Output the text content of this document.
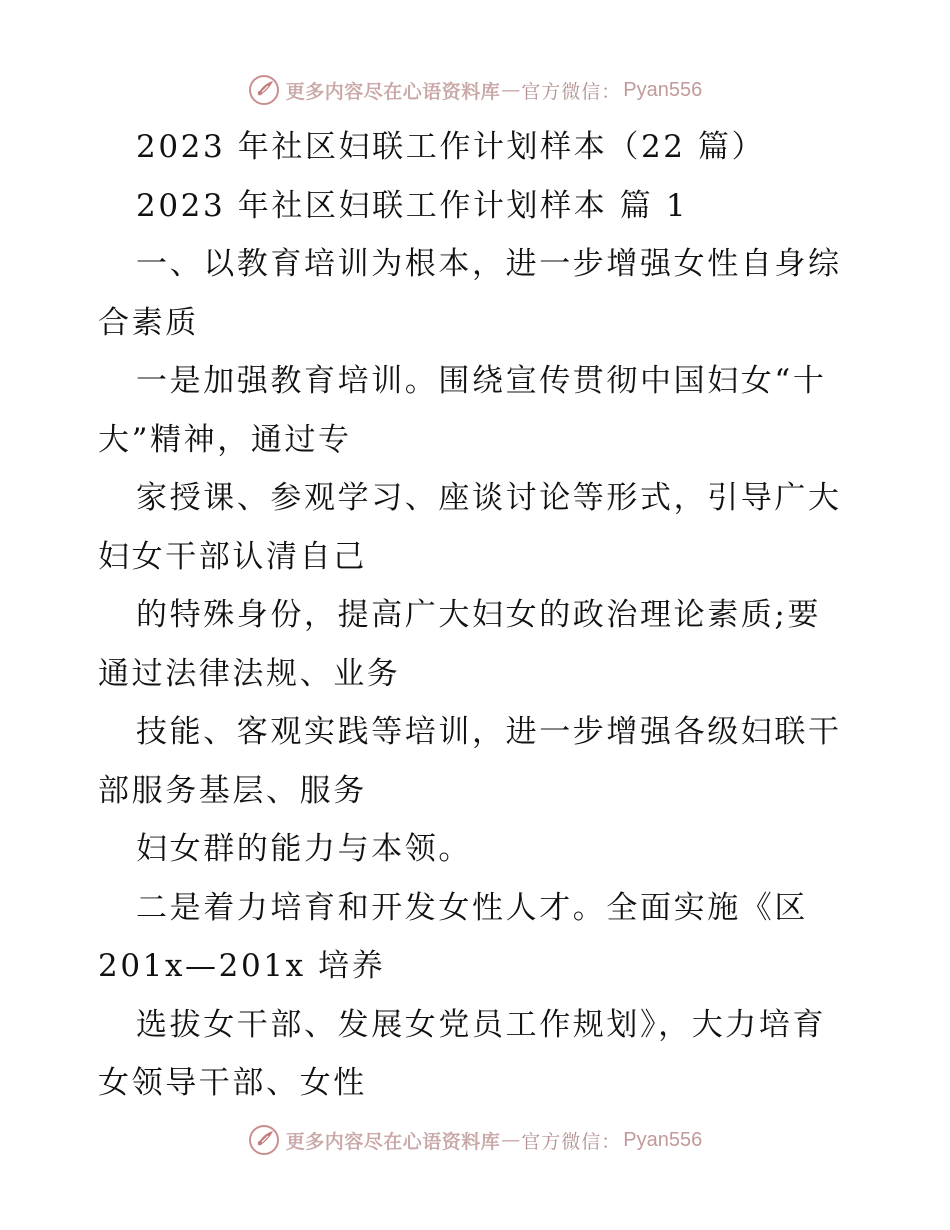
更多内容尽在心语资料库 — 官方微信： Pyan556
2023 年社区妇联工作计划样本（22 篇）
2023 年社区妇联工作计划样本 篇 1
一、以教育培训为根本，进一步增强女性自身综
合素质
一是加强教育培训。围绕宣传贯彻中国妇女“十
大”精神，通过专
家授课、参观学习、座谈讨论等形式，引导广大
妇女干部认清自己
的特殊身份，提高广大妇女的政治理论素质;要
通过法律法规、业务
技能、客观实践等培训，进一步增强各级妇联干
部服务基层、服务
妇女群的能力与本领。
二是着力培育和开发女性人才。全面实施《区
201x—201x 培养
选拔女干部、发展女党员工作规划》，大力培育
女领导干部、女性
更多内容尽在心语资料库 — 官方微信： Pyan556
